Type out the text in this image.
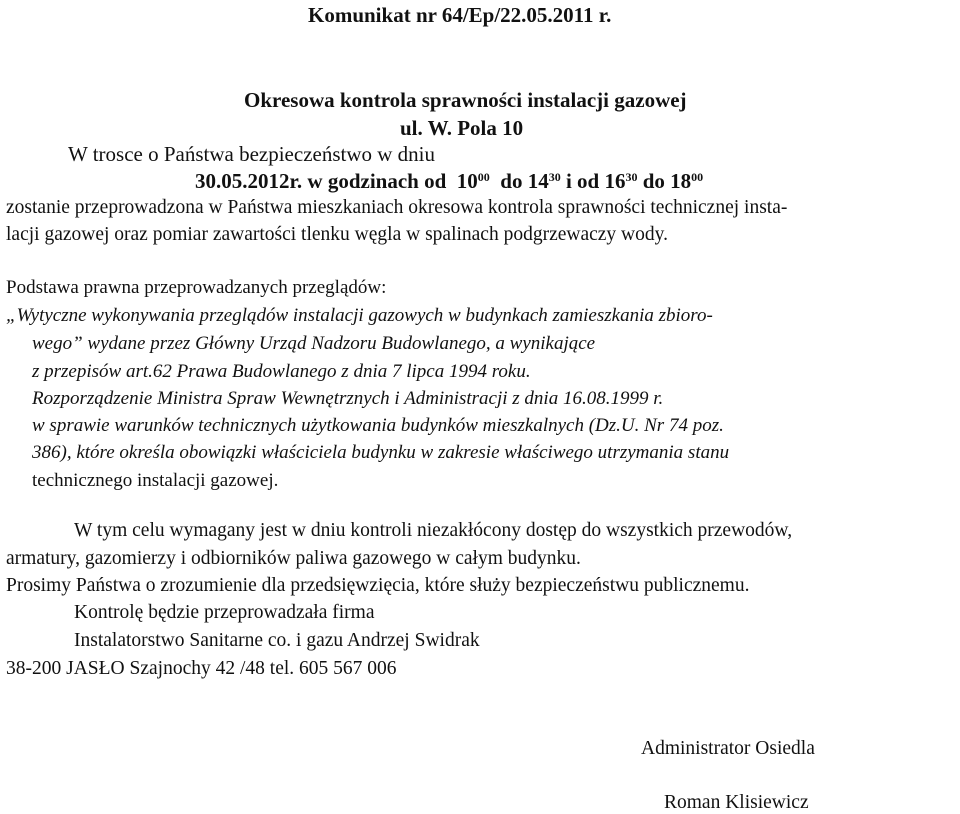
Komunikat nr 64/Ep/22.05.2011 r.
Okresowa kontrola sprawności instalacji gazowej
ul. W. Pola 10
W trosce o Państwa bezpieczeństwo w dniu
30.05.2012r. w godzinach od $10^{00}$ do $14^{30}$ i od $16^{30}$ do $18^{00}$
zostanie przeprowadzona w Państwa mieszkaniach okresowa kontrola sprawności technicznej insta-
lacji gazowej oraz pomiar zawartości tlenku węgla w spalinach podgrzewaczy wody.
Podstawa prawna przeprowadzanych przeglądów:
„Wytyczne wykonywania przeglądów instalacji gazowych w budynkach zamieszkania zbioro-
wego” wydane przez Główny Urząd Nadzoru Budowlanego, a wynikające
z przepisów art.62 Prawa Budowlanego z dnia 7 lipca 1994 roku.
Rozporządzenie Ministra Spraw Wewnętrznych i Administracji z dnia 16.08.1999 r.
w sprawie warunków technicznych użytkowania budynków mieszkalnych (Dz.U. Nr 74 poz.
386), które określa obowiązki właściciela budynku w zakresie właściwego utrzymania stanu
technicznego instalacji gazowej.
W tym celu wymagany jest w dniu kontroli niezakłócony dostęp do wszystkich przewodów,
armatury, gazomierzy i odbiorników paliwa gazowego w całym budynku.
Prosimy Państwa o zrozumienie dla przedsięwzięcia, które służy bezpieczeństwu publicznemu.
Kontrolę będzie przeprowadzała firma
Instalatorstwo Sanitarne co. i gazu Andrzej Swidrak
38-200 JASŁO Szajnochy 42 /48 tel. 605 567 006
Administrator Osiedla
Roman Klisiewicz
